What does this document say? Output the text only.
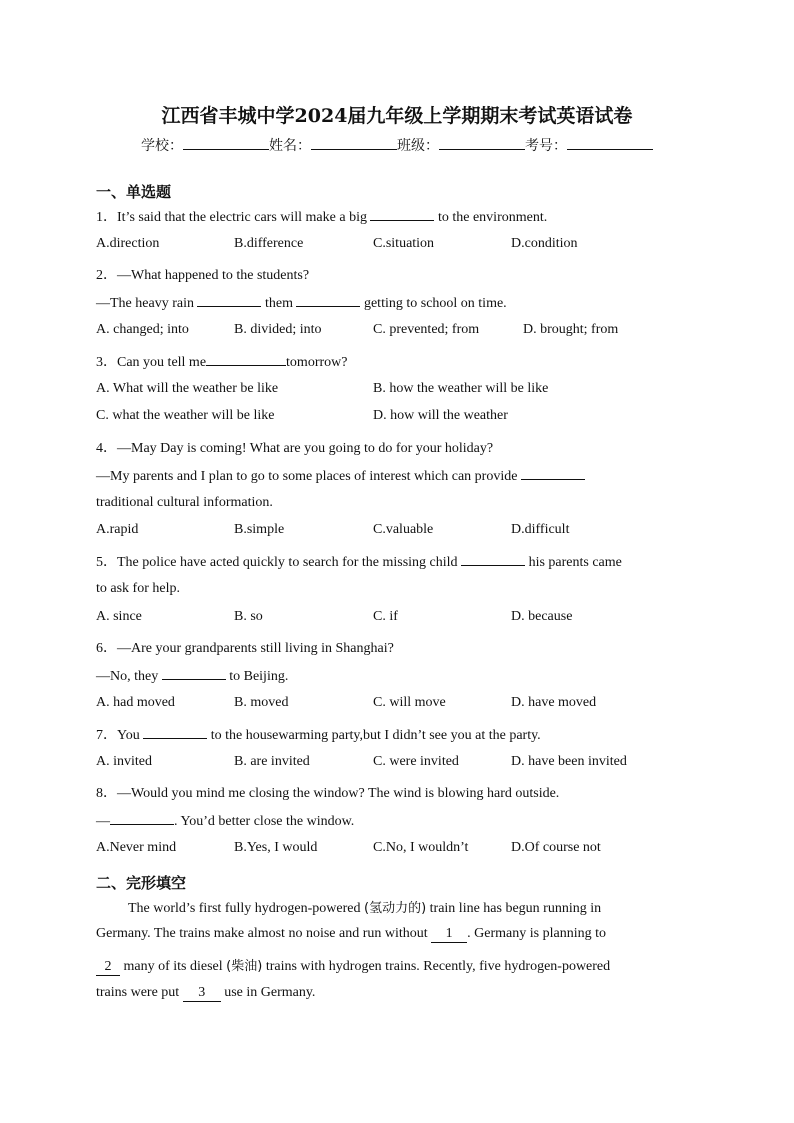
江西省丰城中学2024届九年级上学期期末考试英语试卷
学校：	姓名：	班级：	考号：
一、单选题
1．It’s said that the electric cars will make a big	to the environment.
A.direction	B.difference	C.situation	D.condition
2．—What happened to the students?
—The heavy rain	them	getting to school on time.
A. changed; into	B. divided; into	C. prevented; from	D. brought; from
3．Can you tell me	tomorrow?
A. What will the weather be like	B. how the weather will be like
C. what the weather will be like	D. how will the weather
4．—May Day is coming! What are you going to do for your holiday?
—My parents and I plan to go to some places of interest which can provide
traditional cultural information.
A.rapid	B.simple	C.valuable	D.difficult
5．The police have acted quickly to search for the missing child	his parents came
to ask for help.
A. since	B. so	C. if	D. because
6．—Are your grandparents still living in Shanghai?
—No, they	to Beijing.
A. had moved	B. moved	C. will move	D. have moved
7．You	to the housewarming party,but I didn’t see you at the party.
A. invited	B. are invited	C. were invited	D. have been invited
8．—Would you mind me closing the window? The wind is blowing hard outside.
—	. You’d better close the window.
A.Never mind	B.Yes, I would	C.No, I wouldn’t	D.Of course not
二、完形填空
The world’s first fully hydrogen-powered (氢动力的) train line has begun running in
Germany. The trains make almost no noise and run without 1 . Germany is planning to
2 many of its diesel (柴油) trains with hydrogen trains. Recently, five hydrogen-powered
trains were put 3 use in Germany.
